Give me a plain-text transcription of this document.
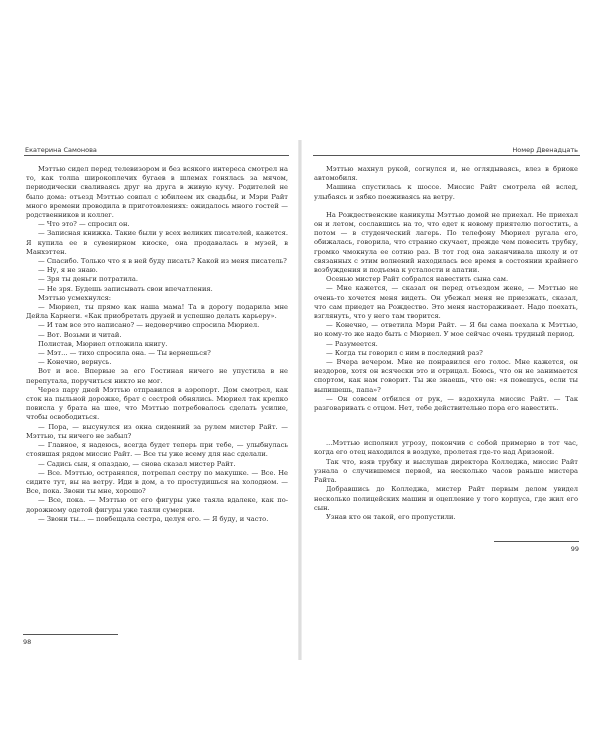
Екатерина Самонова

Мэттью сидел перед телевизором и без всякого интереса смотрел на то, как толпа широкоплечих бугаев в шлемах гонялась за мячом, периодически сваливаясь друг на друга в живую кучу. Родителей не было дома: отъезд Мэттью совпал с юбилеем их свадьбы, и Мэри Райт много времени проводила в приготовлениях: ожидалось много гостей — родственников и коллег.

— Что это? — спросил он.

— Записная книжка. Такие были у всех великих писателей, кажется. Я купила ее в сувенирном киоске, она продавалась в музей, в Манхэттен.

— Спасибо. Только что я в ней буду писать? Какой из меня писатель?

— Ну, я не знаю.

— Зря ты деньги потратила.

— Не зря. Будешь записывать свои впечатления.

Мэттью усмехнулся:

— Мюриел, ты прямо как наша мама! Та в дорогу подарила мне Дейла Карнеги. «Как приобретать друзей и успешно делать карьеру».

— И там все это написано? — недоверчиво спросила Мюриел.

— Вот. Возьми и читай.

Полистав, Мюриел отложила книгу.

— Мэт... — тихо спросила она. — Ты вернешься?

— Конечно, вернусь.

Вот и все. Впервые за его Гостиная ничего не упустила в не перепутала, поручиться никто не мог.

Через пару дней Мэттью отправился в аэропорт. Дом смотрел, как сток на пыльной дорожке, брат с сестрой обнялись. Мюриел так крепко повисла у брата на шее, что Мэттью потребовалось сделать усилие, чтобы освободиться.

— Пора, — высунулся из окна сиденний за рулем мистер Райт. — Мэттью, ты ничего не забыл?

— Главное, я надеюсь, всегда будет теперь при тебе, — улыбнулась стоявшая рядом миссис Райт. — Все ты уже всему для нас сделали.

— Садись сын, я опаздаю, — снова сказал мистер Райт.

— Все. Мэттью, остранялся, потрепал сестру по макушке. — Все. Не сидите тут, вы на ветру. Иди в дом, а то простудишься на холодном. — Все, пока. Звони ты мне, хорошо?

— Все, пока. — Мэттью от его фигуры уже таяла вдалеке, как по-дорожному одетой фигуры уже таяли сумерки.

— Звони ты... — повбещала сестра, целуя его. — Я буду, и часто.

98
Номер Двенадцать

Мэттью махнул рукой, согнулся и, не оглядываясь, влез в бриоке автомобиля.

Машина спустилась к шоссе. Миссис Райт смотрела ей вслед, улыбаясь и зябко поеживаясь на ветру.

На Рождественские каникулы Мэттью домой не приехал. Не приехал он и летом, сославшись на то, что едет к новому приятелю погостить, а потом — в студенческий лагерь. По телефону Мюриел ругала его, обижалась, говорила, что странно скучает, прежде чем повесить трубку, громко чмокнула ее сотню раз. В тот год она заканчивала школу и от связанных с этим волнений находилась все время в состоянии крайнего возбуждения и подъема к усталости и апатии.

Осенью мистер Райт собрался навестить сына сам.

— Мне кажется, — сказал он перед отъездом жене, — Мэттью не очень-то хочется меня видеть. Он убежал меня не приезжать, сказал, что сам приедет на Рождество. Это меня настораживает. Надо поехать, взглянуть, что у него там творится.

— Конечно, — ответила Мэри Райт. — Я бы сама поехала к Мэттью, но кому-то же надо быть с Мюриел. У мое сейчас очень трудный период.

— Разумеется.

— Когда ты говорил с ним в последний раз?

— Вчера вечером. Мне не понравился его голос. Мне кажется, он нездоров, хотя он всячески это и отрицал. Боюсь, что он не занимается спортом, как нам говорит. Ты же знаешь, что он: «я повешусь, если ты выпишешь, папа»?

— Он совсем отбился от рук, — вздохнула миссис Райт. — Так разговаривать с отцом. Нет, тебе действительно пора его навестить.

...Мэттью исполнил угрозу, покончив с собой примерно в тот час, когда его отец находился в воздухе, пролетая где-то над Аризоной.

Так что, взяв трубку и выслушав директора Колледжа, миссис Райт узнала о случившемся первой, на несколько часов раньше мистера Райта.

Добравшись до Колледжа, мистер Райт первым делом увидел несколько полицейских машин и оцепление у того корпуса, где жил его сын.

Узнав кто он такой, его пропустили.

99
